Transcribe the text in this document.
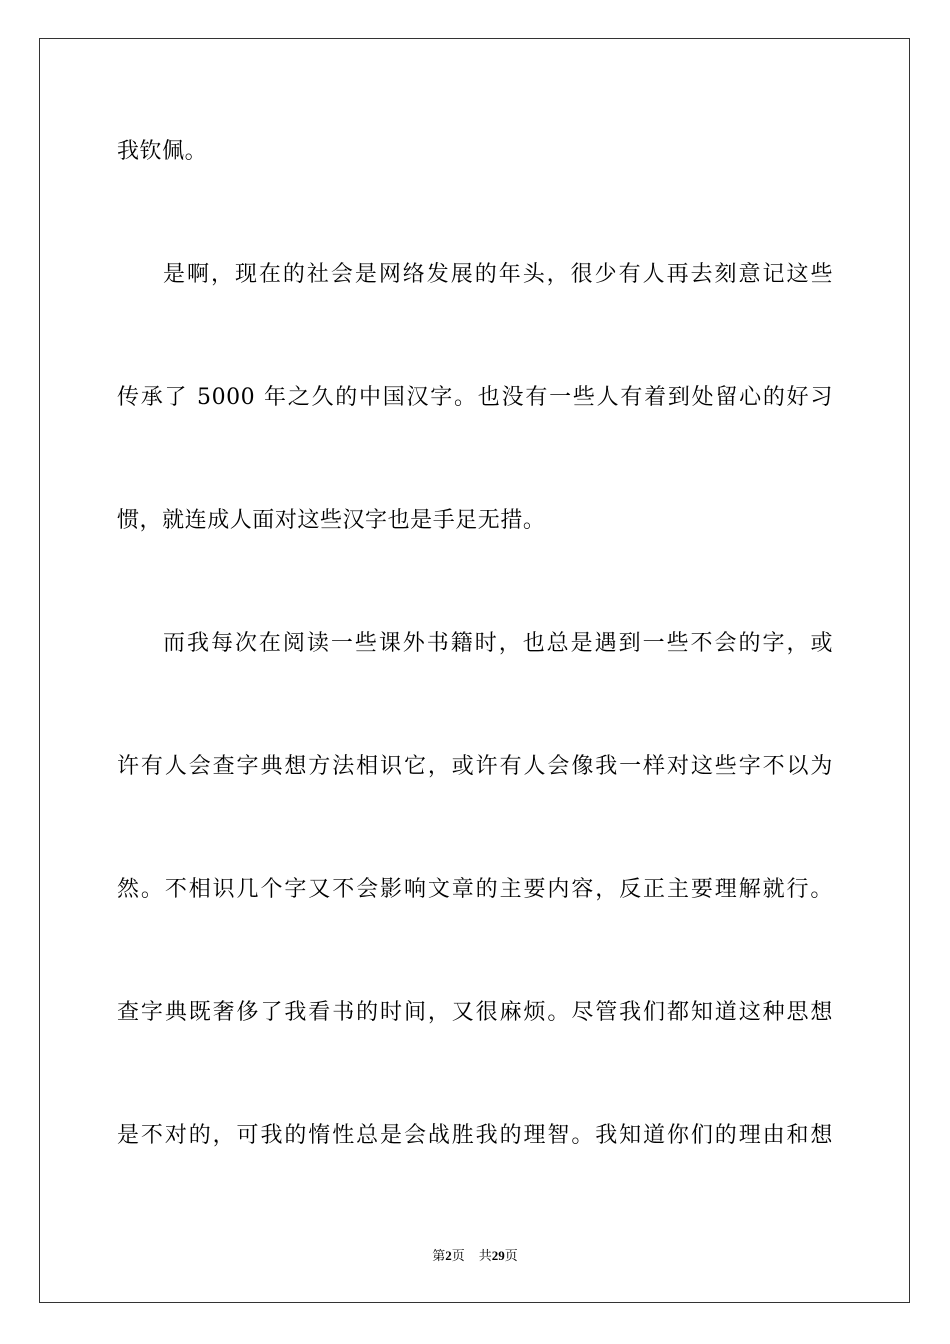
我钦佩。
是啊，现在的社会是网络发展的年头，很少有人再去刻意记这些
传承了 5000 年之久的中国汉字。也没有一些人有着到处留心的好习
惯，就连成人面对这些汉字也是手足无措。
而我每次在阅读一些课外书籍时，也总是遇到一些不会的字，或
许有人会查字典想方法相识它，或许有人会像我一样对这些字不以为
然。不相识几个字又不会影响文章的主要内容，反正主要理解就行。
查字典既奢侈了我看书的时间，又很麻烦。尽管我们都知道这种思想
是不对的，可我的惰性总是会战胜我的理智。我知道你们的理由和想
第2页 共29页
